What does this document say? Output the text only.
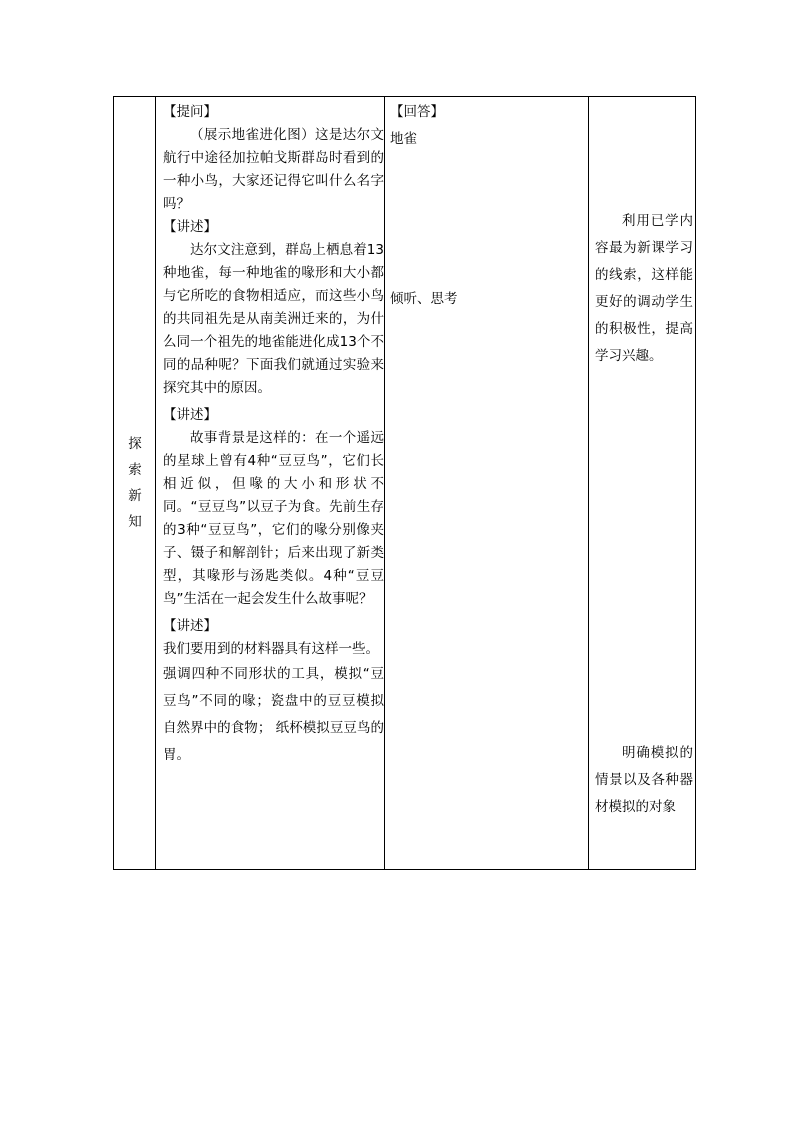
探
索
新
知

【提问】

（展示地雀进化图）这是达尔文航行中途径加拉帕戈斯群岛时看到的一种小鸟，大家还记得它叫什么名字吗？

【讲述】

达尔文注意到，群岛上栖息着13种地雀，每一种地雀的喙形和大小都与它所吃的食物相适应，而这些小鸟的共同祖先是从南美洲迁来的，为什么同一个祖先的地雀能进化成13个不同的品种呢？下面我们就通过实验来探究其中的原因。

【讲述】

故事背景是这样的：在一个遥远的星球上曾有4种“豆豆鸟”，它们长相近似，但喙的大小和形状不同。“豆豆鸟”以豆子为食。先前生存的3种“豆豆鸟”，它们的喙分别像夹子、镊子和解剖针；后来出现了新类型，其喙形与汤匙类似。4种“豆豆鸟”生活在一起会发生什么故事呢？

【讲述】

我们要用到的材料器具有这样一些。

强调四种不同形状的工具，模拟“豆豆鸟”不同的喙；瓷盘中的豆豆模拟自然界中的食物； 纸杯模拟豆豆鸟的胃。

【回答】
地雀
倾听、思考
利用已学内容最为新课学习的线索，这样能更好的调动学生的积极性，提高学习兴趣。
明确模拟的情景以及各种器材模拟的对象
